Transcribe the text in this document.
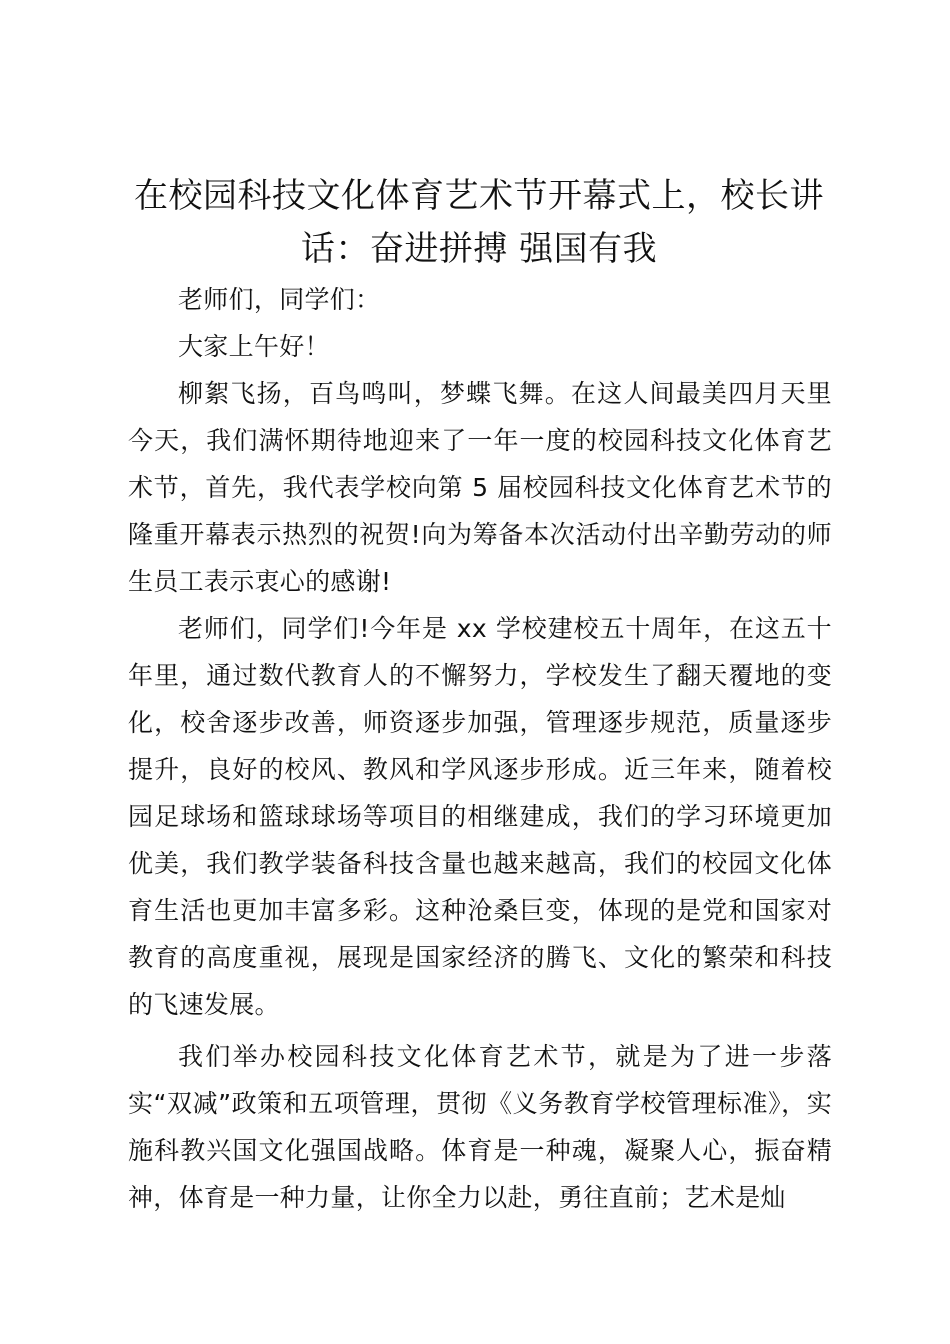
在校园科技文化体育艺术节开幕式上，校长讲话：奋进拼搏 强国有我

老师们，同学们：

大家上午好！

柳絮飞扬，百鸟鸣叫，梦蝶飞舞。在这人间最美四月天里今天，我们满怀期待地迎来了一年一度的校园科技文化体育艺术节，首先，我代表学校向第 5 届校园科技文化体育艺术节的隆重开幕表示热烈的祝贺!向为筹备本次活动付出辛勤劳动的师生员工表示衷心的感谢!

老师们，同学们!今年是 xx 学校建校五十周年，在这五十年里，通过数代教育人的不懈努力，学校发生了翻天覆地的变化，校舍逐步改善，师资逐步加强，管理逐步规范，质量逐步提升，良好的校风、教风和学风逐步形成。近三年来，随着校园足球场和篮球球场等项目的相继建成，我们的学习环境更加优美，我们教学装备科技含量也越来越高，我们的校园文化体育生活也更加丰富多彩。这种沧桑巨变，体现的是党和国家对教育的高度重视，展现是国家经济的腾飞、文化的繁荣和科技的飞速发展。

我们举办校园科技文化体育艺术节，就是为了进一步落实“双减”政策和五项管理，贯彻《义务教育学校管理标准》，实施科教兴国文化强国战略。体育是一种魂，凝聚人心，振奋精神，体育是一种力量，让你全力以赴，勇往直前；艺术是灿
